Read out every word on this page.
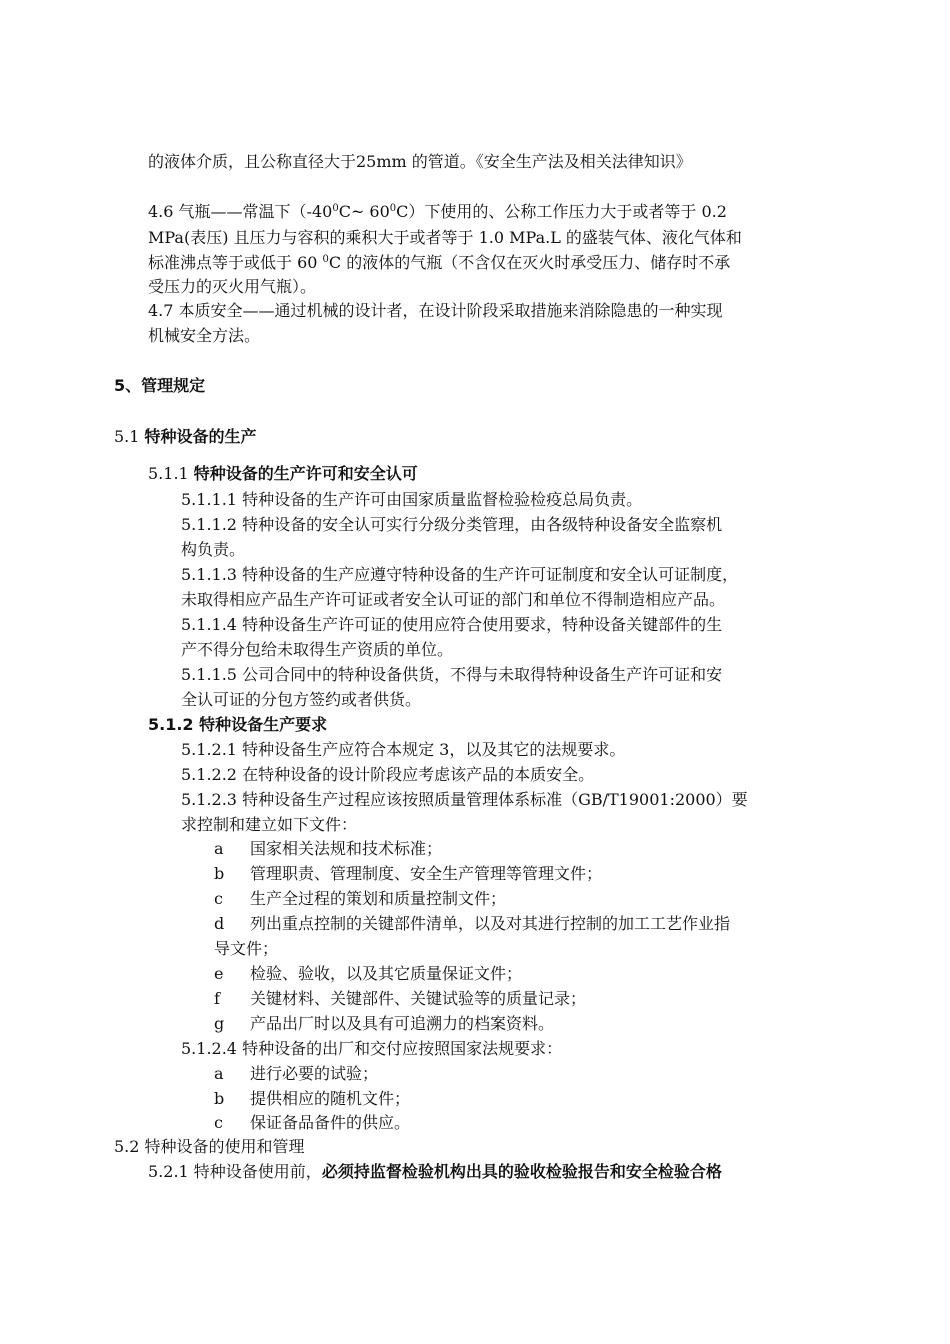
的液体介质，且公称直径大于25mm 的管道。《安全生产法及相关法律知识》
4.6 气瓶——常温下（$-40^0C\sim$ $60^0C$）下使用的、公称工作压力大于或者等于 0.2
MPa(表压) 且压力与容积的乘积大于或者等于 1.0 MPa.L 的盛装气体、液化气体和
标准沸点等于或低于 60 $^0$C 的液体的气瓶（不含仅在灭火时承受压力、储存时不承
受压力的灭火用气瓶）。
4.7 本质安全——通过机械的设计者，在设计阶段采取措施来消除隐患的一种实现
机械安全方法。
5、管理规定
5.1 特种设备的生产
5.1.1 特种设备的生产许可和安全认可
5.1.1.1 特种设备的生产许可由国家质量监督检验检疫总局负责。
5.1.1.2 特种设备的安全认可实行分级分类管理，由各级特种设备安全监察机
构负责。
5.1.1.3 特种设备的生产应遵守特种设备的生产许可证制度和安全认可证制度，
未取得相应产品生产许可证或者安全认可证的部门和单位不得制造相应产品。
5.1.1.4 特种设备生产许可证的使用应符合使用要求，特种设备关键部件的生
产不得分包给未取得生产资质的单位。
5.1.1.5 公司合同中的特种设备供货，不得与未取得特种设备生产许可证和安
全认可证的分包方签约或者供货。
5.1.2 特种设备生产要求
5.1.2.1 特种设备生产应符合本规定 3，以及其它的法规要求。
5.1.2.2 在特种设备的设计阶段应考虑该产品的本质安全。
5.1.2.3 特种设备生产过程应该按照质量管理体系标准（GB/T19001:2000）要
求控制和建立如下文件：
a 国家相关法规和技术标准；
b 管理职责、管理制度、安全生产管理等管理文件；
c 生产全过程的策划和质量控制文件；
d 列出重点控制的关键部件清单，以及对其进行控制的加工工艺作业指
导文件；
e 检验、验收，以及其它质量保证文件；
f 关键材料、关键部件、关键试验等的质量记录；
g 产品出厂时以及具有可追溯力的档案资料。
5.1.2.4 特种设备的出厂和交付应按照国家法规要求：
a 进行必要的试验；
b 提供相应的随机文件；
c 保证备品备件的供应。
5.2 特种设备的使用和管理
5.2.1 特种设备使用前，必须持监督检验机构出具的验收检验报告和安全检验合格
